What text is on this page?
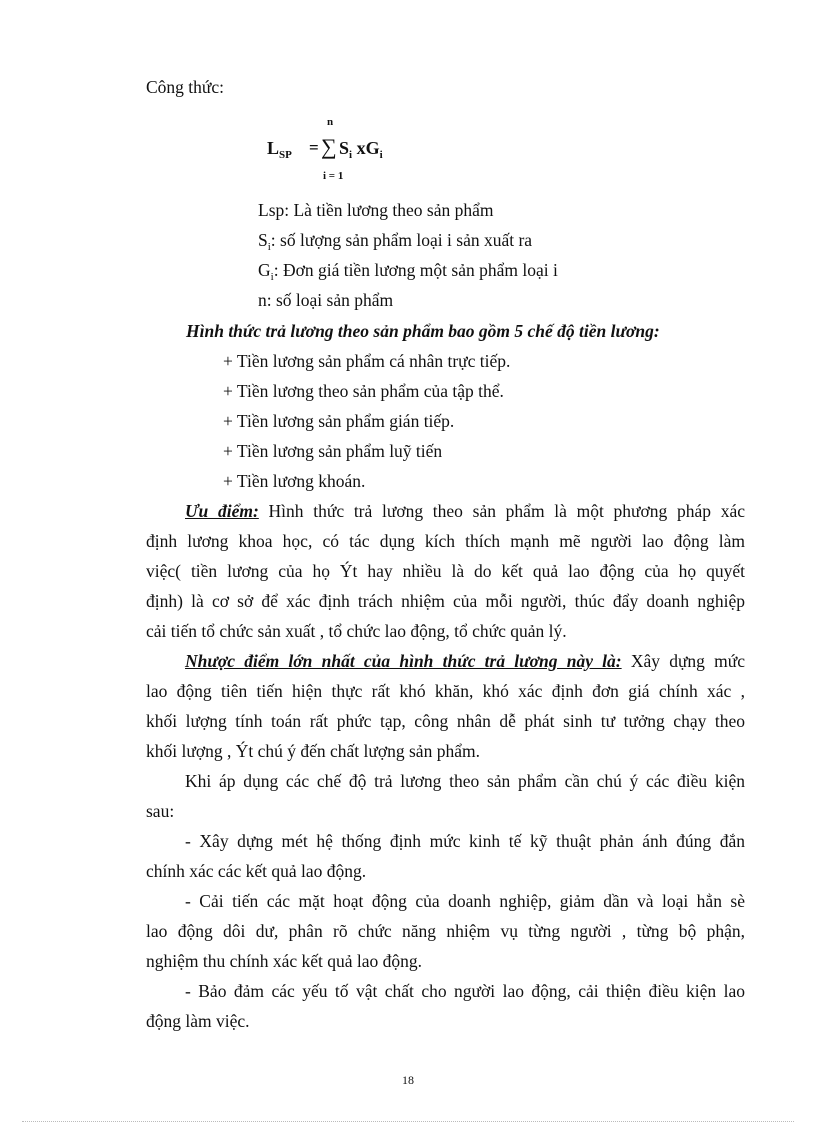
Công thức:
n
$L_{SP}$ = ∑ $S_i$ $xG_i$
i = 1
Lsp: Là tiền lương theo sản phẩm
$S_i$: số lượng sản phẩm loại i sản xuất ra
$G_i$: Đơn giá tiền lương một sản phẩm loại i
n: số loại sản phẩm
Hình thức trả lương theo sản phẩm bao gồm 5 chế độ tiền lương:
+ Tiền lương sản phẩm cá nhân trực tiếp.
+ Tiền lương theo sản phẩm của tập thể.
+ Tiền lương sản phẩm gián tiếp.
+ Tiền lương sản phẩm luỹ tiến
+ Tiền lương khoán.
Ưu điểm: Hình thức trả lương theo sản phẩm là một phương pháp xác
định lương khoa học, có tác dụng kích thích mạnh mẽ người lao động làm
việc( tiền lương của họ Ýt hay nhiều là do kết quả lao động của họ quyết
định) là cơ sở để xác định trách nhiệm của mỗi người, thúc đẩy doanh nghiệp
cải tiến tổ chức sản xuất , tổ chức lao động, tổ chức quản lý.
Nhược điểm lớn nhất của hình thức trả lương này là: Xây dựng mức
lao động tiên tiến hiện thực rất khó khăn, khó xác định đơn giá chính xác ,
khối lượng tính toán rất phức tạp, công nhân dễ phát sinh tư tưởng chạy theo
khối lượng , Ýt chú ý đến chất lượng sản phẩm.
Khi áp dụng các chế độ trả lương theo sản phẩm cần chú ý các điều kiện
sau:
- Xây dựng mét hệ thống định mức kinh tế kỹ thuật phản ánh đúng đắn
chính xác các kết quả lao động.
- Cải tiến các mặt hoạt động của doanh nghiệp, giảm dần và loại hẳn sè
lao động dôi dư, phân rõ chức năng nhiệm vụ từng người , từng bộ phận,
nghiệm thu chính xác kết quả lao động.
- Bảo đảm các yếu tố vật chất cho người lao động, cải thiện điều kiện lao
động làm việc.
18
